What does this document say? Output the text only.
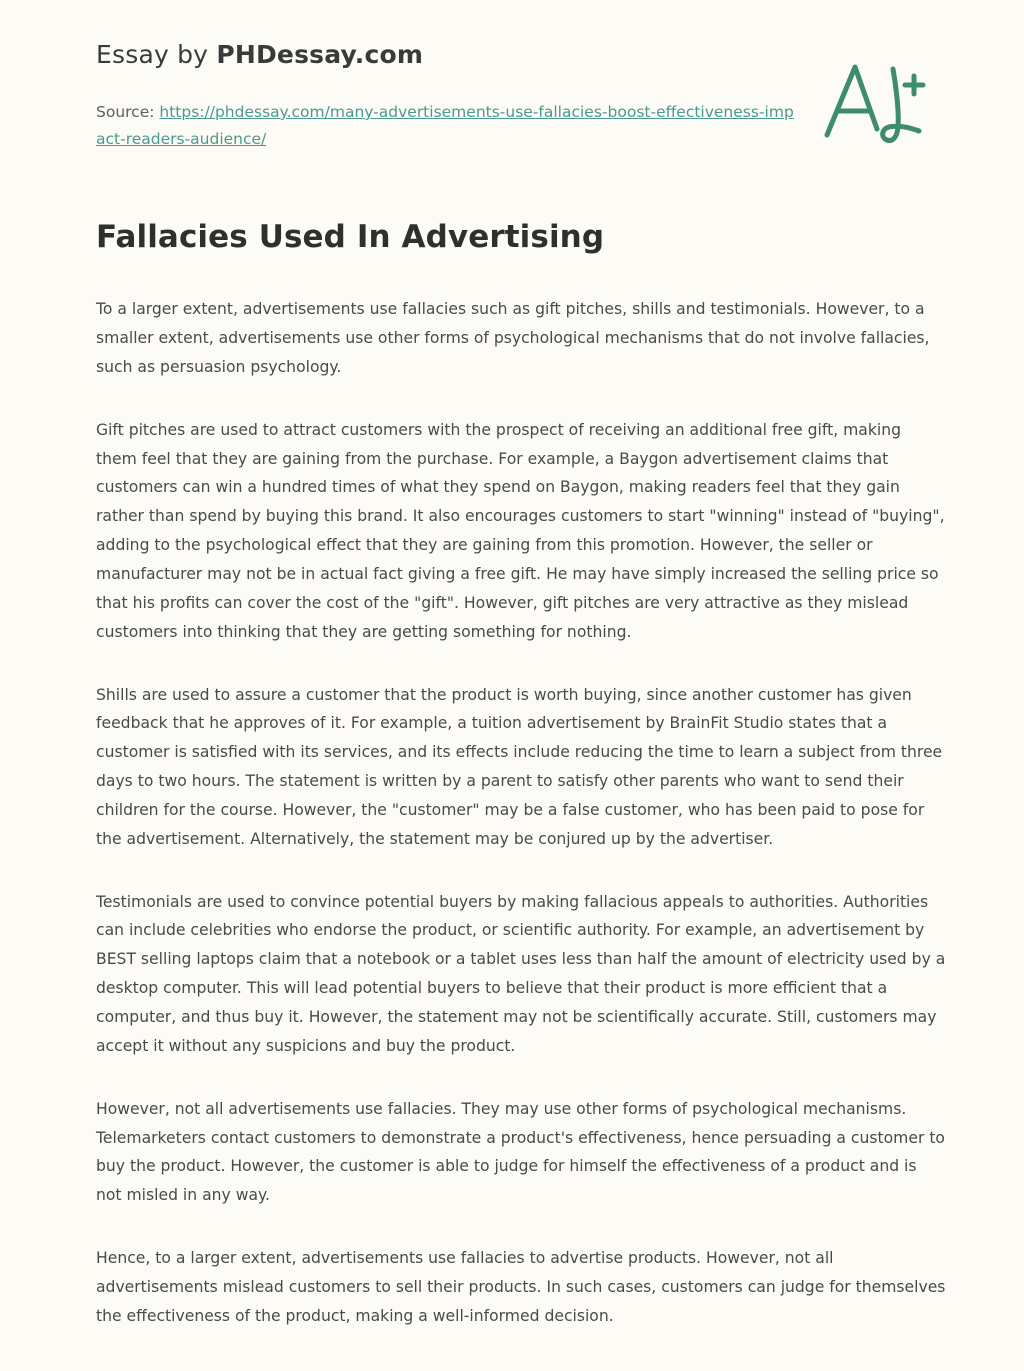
Essay by PHDessay.com
Source: https://phdessay.com/many-advertisements-use-fallacies-boost-effectiveness-impact-readers-audience/
Fallacies Used In Advertising

To a larger extent, advertisements use fallacies such as gift pitches, shills and testimonials. However, to a smaller extent, advertisements use other forms of psychological mechanisms that do not involve fallacies, such as persuasion psychology.

Gift pitches are used to attract customers with the prospect of receiving an additional free gift, making them feel that they are gaining from the purchase. For example, a Baygon advertisement claims that customers can win a hundred times of what they spend on Baygon, making readers feel that they gain rather than spend by buying this brand. It also encourages customers to start "winning" instead of "buying", adding to the psychological effect that they are gaining from this promotion. However, the seller or manufacturer may not be in actual fact giving a free gift. He may have simply increased the selling price so that his profits can cover the cost of the "gift". However, gift pitches are very attractive as they mislead customers into thinking that they are getting something for nothing.

Shills are used to assure a customer that the product is worth buying, since another customer has given feedback that he approves of it. For example, a tuition advertisement by BrainFit Studio states that a customer is satisfied with its services, and its effects include reducing the time to learn a subject from three days to two hours. The statement is written by a parent to satisfy other parents who want to send their children for the course. However, the "customer" may be a false customer, who has been paid to pose for the advertisement. Alternatively, the statement may be conjured up by the advertiser.

Testimonials are used to convince potential buyers by making fallacious appeals to authorities. Authorities can include celebrities who endorse the product, or scientific authority. For example, an advertisement by BEST selling laptops claim that a notebook or a tablet uses less than half the amount of electricity used by a desktop computer. This will lead potential buyers to believe that their product is more efficient that a computer, and thus buy it. However, the statement may not be scientifically accurate. Still, customers may accept it without any suspicions and buy the product.

However, not all advertisements use fallacies. They may use other forms of psychological mechanisms. Telemarketers contact customers to demonstrate a product's effectiveness, hence persuading a customer to buy the product. However, the customer is able to judge for himself the effectiveness of a product and is not misled in any way.

Hence, to a larger extent, advertisements use fallacies to advertise products. However, not all advertisements mislead customers to sell their products. In such cases, customers can judge for themselves the effectiveness of the product, making a well-informed decision.
